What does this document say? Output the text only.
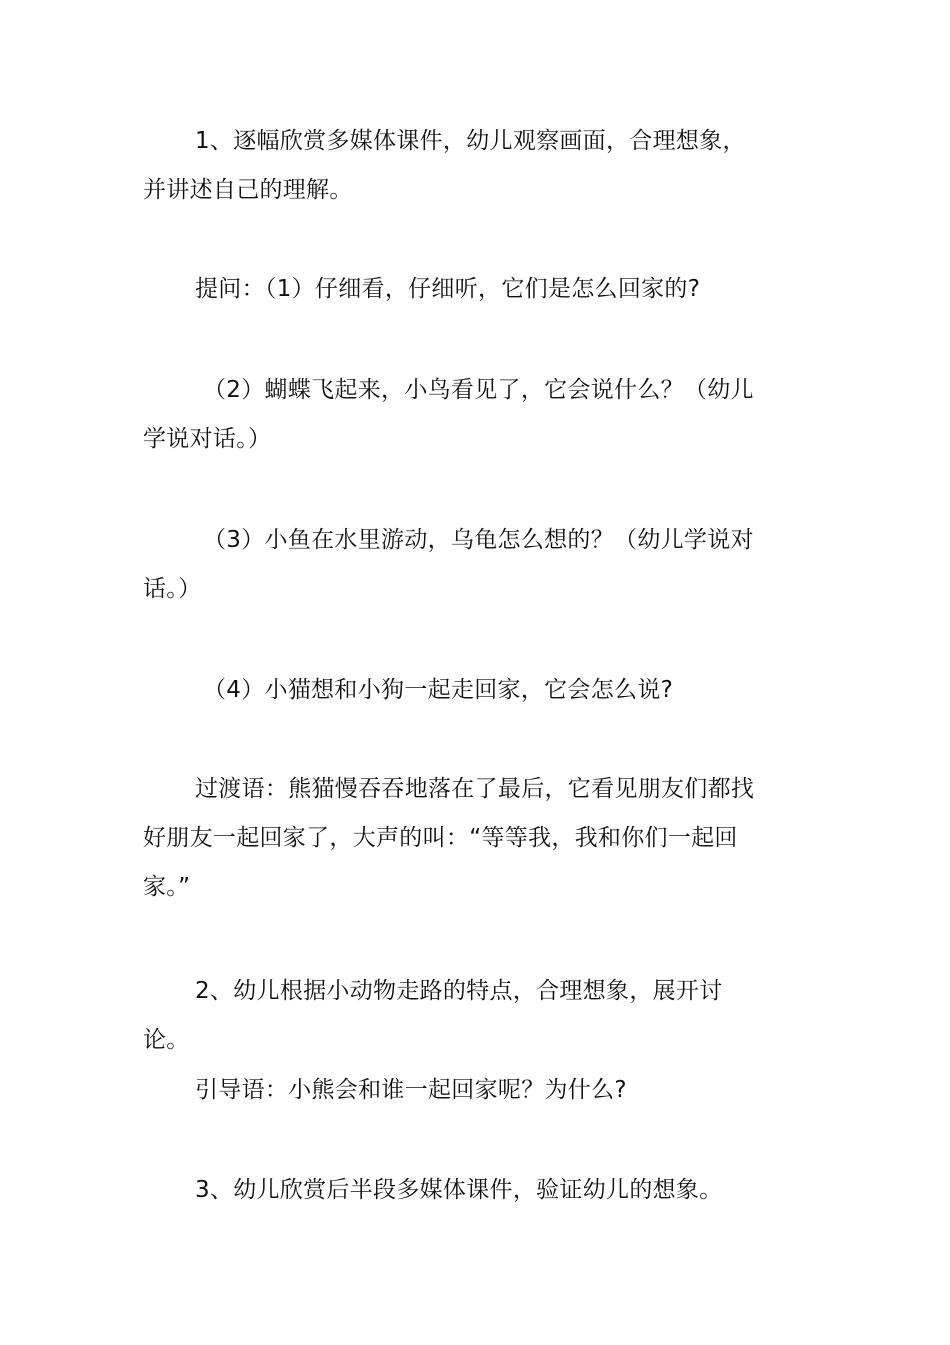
1、逐幅欣赏多媒体课件，幼儿观察画面，合理想象，并讲述自己的理解。

提问：（1）仔细看，仔细听，它们是怎么回家的?

（2）蝴蝶飞起来，小鸟看见了，它会说什么？（幼儿学说对话。）

（3）小鱼在水里游动，乌龟怎么想的？（幼儿学说对话。）

（4）小猫想和小狗一起走回家，它会怎么说?

过渡语：熊猫慢吞吞地落在了最后，它看见朋友们都找好朋友一起回家了，大声的叫：“等等我，我和你们一起回家。”

2、幼儿根据小动物走路的特点，合理想象，展开讨论。

引导语：小熊会和谁一起回家呢？为什么?

3、幼儿欣赏后半段多媒体课件，验证幼儿的想象。
